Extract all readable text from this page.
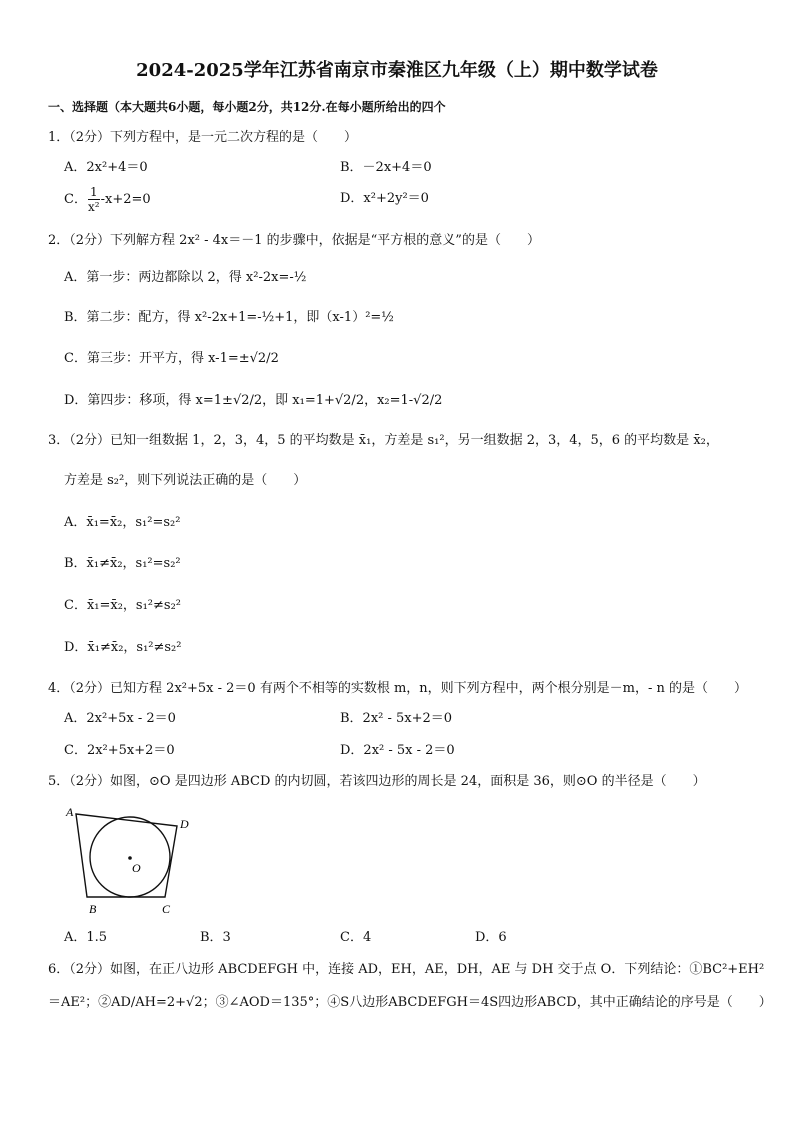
2024-2025学年江苏省南京市秦淮区九年级（上）期中数学试卷
一、选择题（本大题共6小题，每小题2分，共12分.在每小题所给出的四个
1．（2分）下列方程中，是一元二次方程的是（　　）
A．2x²+4＝0	B．－2x+4＝0
C． $\frac{1}{\text{x²}} -x+2=0$	D．x²+2y²＝0
2．（2分）下列解方程 2x² - 4x＝－1 的步骤中，依据是“平方根的意义”的是（　　）
A．第一步：两边都除以 2，得 x²-2x=-½
B．第二步：配方，得 x²-2x+1=-½+1，即（x-1）²=½
C．第三步：开平方，得 x-1=±√2/2
D．第四步：移项，得 x=1±√2/2，即 x₁=1+√2/2，x₂=1-√2/2
3．（2分）已知一组数据 1，2，3，4，5 的平均数是 x̄₁，方差是 s₁²，另一组数据 2，3，4，5，6 的平均数是 x̄₂，
方差是 s₂²，则下列说法正确的是（　　）
A．x̄₁=x̄₂，s₁²=s₂²
B．x̄₁≠x̄₂，s₁²=s₂²
C．x̄₁=x̄₂，s₁²≠s₂²
D．x̄₁≠x̄₂，s₁²≠s₂²
4．（2分）已知方程 2x²+5x - 2＝0 有两个不相等的实数根 m，n，则下列方程中，两个根分别是－m，- n 的是（　　）
A．2x²+5x - 2＝0	B．2x² - 5x+2＝0
C．2x²+5x+2＝0	D．2x² - 5x - 2＝0
5．（2分）如图，⊙O 是四边形 ABCD 的内切圆，若该四边形的周长是 24，面积是 36，则⊙O 的半径是（　　）
A
D
B	C
O
A．1.5	B．3	C．4	D．6
6．（2分）如图，在正八边形 ABCDEFGH 中，连接 AD，EH，AE，DH，AE 与 DH 交于点 O．下列结论：①BC²+EH²
＝AE²；②AD/AH=2+√2；③∠AOD＝135°；④S八边形ABCDEFGH＝4S四边形ABCD，其中正确结论的序号是（　　）
